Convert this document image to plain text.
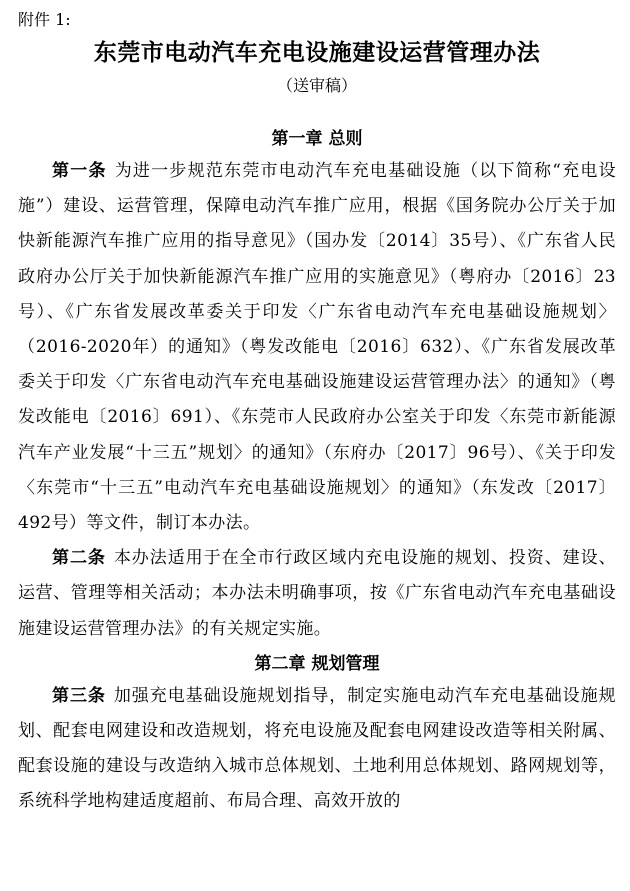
附件 1:

东莞市电动汽车充电设施建设运营管理办法

（送审稿）

第一章 总则

第一条 为进一步规范东莞市电动汽车充电基础设施（以下简称“充电设施”）建设、运营管理，保障电动汽车推广应用，根据《国务院办公厅关于加快新能源汽车推广应用的指导意见》（国办发〔2014〕35号）、《广东省人民政府办公厅关于加快新能源汽车推广应用的实施意见》（粤府办〔2016〕23号）、《广东省发展改革委关于印发〈广东省电动汽车充电基础设施规划〉（2016-2020年）的通知》（粤发改能电〔2016〕632）、《广东省发展改革委关于印发〈广东省电动汽车充电基础设施建设运营管理办法〉的通知》（粤发改能电〔2016〕691）、《东莞市人民政府办公室关于印发〈东莞市新能源汽车产业发展“十三五”规划〉的通知》（东府办〔2017〕96号）、《关于印发〈东莞市“十三五”电动汽车充电基础设施规划〉的通知》（东发改〔2017〕492号）等文件，制订本办法。

第二条 本办法适用于在全市行政区域内充电设施的规划、投资、建设、运营、管理等相关活动；本办法未明确事项，按《广东省电动汽车充电基础设施建设运营管理办法》的有关规定实施。

第二章 规划管理

第三条 加强充电基础设施规划指导，制定实施电动汽车充电基础设施规划、配套电网建设和改造规划，将充电设施及配套电网建设改造等相关附属、配套设施的建设与改造纳入城市总体规划、土地利用总体规划、路网规划等，系统科学地构建适度超前、布局合理、高效开放的
